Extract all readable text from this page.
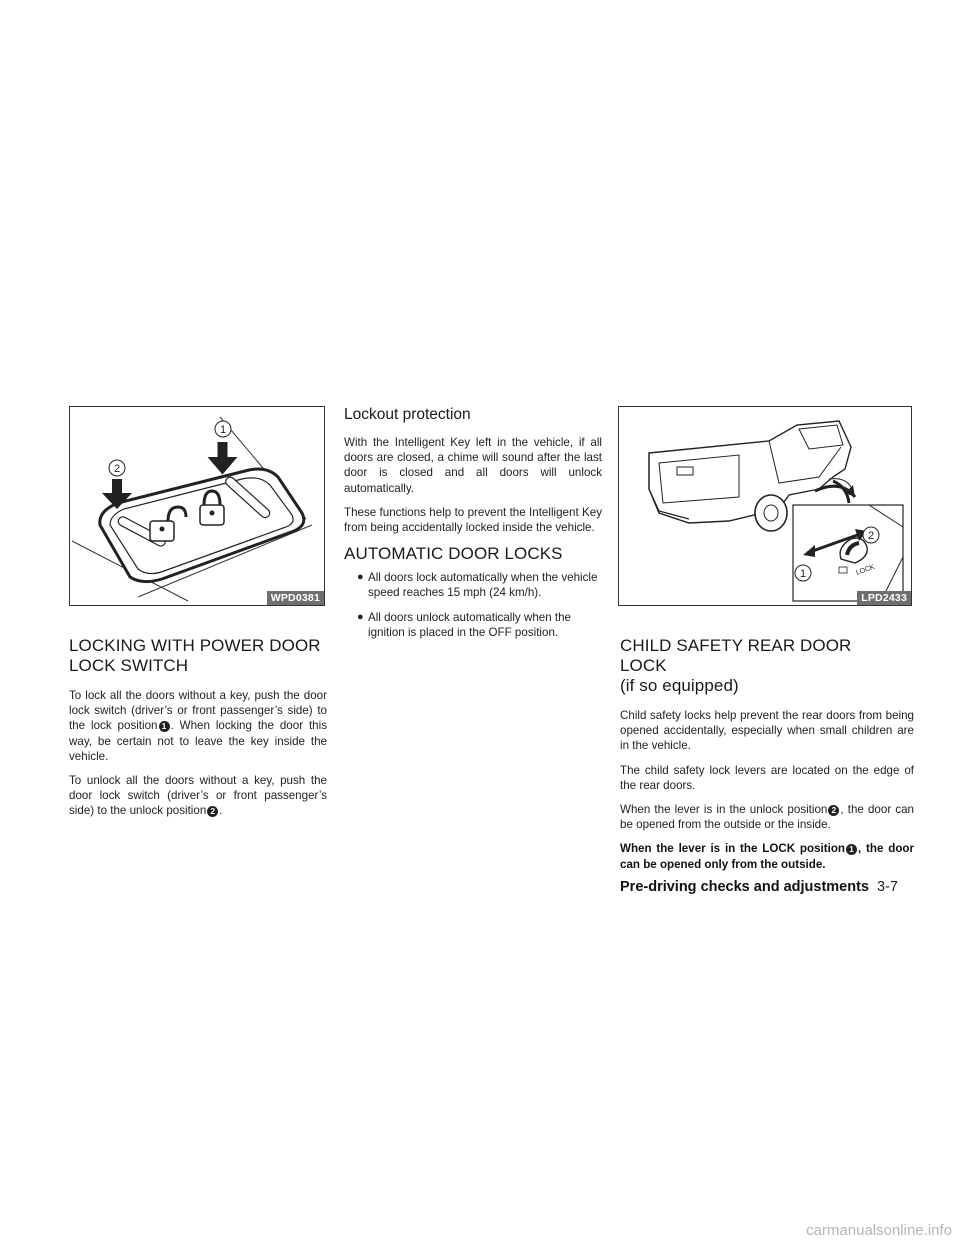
1
2
WPD0381
LOCKING WITH POWER DOOR
LOCK SWITCH

To lock all the doors without a key, push the door lock switch (driver’s or front passenger’s side) to the lock position 1 . When locking the door this way, be certain not to leave the key inside the vehicle.

To unlock all the doors without a key, push the door lock switch (driver’s or front passenger’s side) to the unlock position 2 .

Lockout protection

With the Intelligent Key left in the vehicle, if all doors are closed, a chime will sound after the last door is closed and all doors will unlock automatically.

These functions help to prevent the Intelligent Key from being accidentally locked inside the vehicle.

AUTOMATIC DOOR LOCKS
● All doors lock automatically when the vehicle speed reaches 15 mph (24 km/h).
● All doors unlock automatically when the ignition is placed in the OFF position.
LOCK
1
2
LPD2433
CHILD SAFETY REAR DOOR LOCK
(if so equipped)

Child safety locks help prevent the rear doors from being opened accidentally, especially when small children are in the vehicle.

The child safety lock levers are located on the edge of the rear doors.

When the lever is in the unlock position 2 , the door can be opened from the outside or the inside.

When the lever is in the LOCK position 1 , the door can be opened only from the outside.

Pre-driving checks and adjustments 3-7
carmanualsonline.info
